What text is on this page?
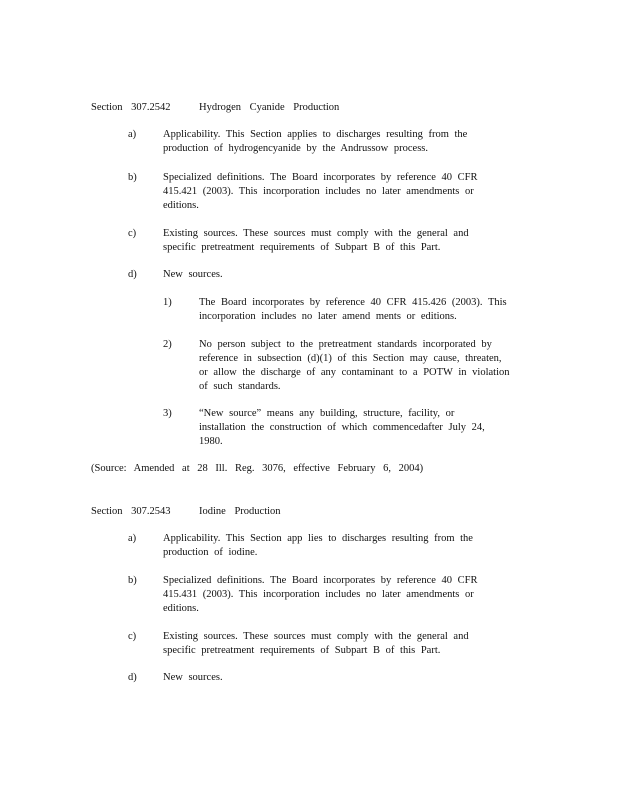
Section 307.2542	Hydrogen Cyanide Production
a)	Applicability. This Section applies to discharges resulting from the
production of hydrogencyanide by the Andrussow process.
b)	Specialized definitions. The Board incorporates by reference 40 CFR
415.421 (2003). This incorporation includes no later amendments or
editions.
c)	Existing sources. These sources must comply with the general and
specific pretreatment requirements of Subpart B of this Part.
d)	New sources.
1)	The Board incorporates by reference 40 CFR 415.426 (2003). This
incorporation includes no later amend ments or editions.
2)	No person subject to the pretreatment standards incorporated by
reference in subsection (d)(1) of this Section may cause, threaten,
or allow the discharge of any contaminant to a POTW in violation
of such standards.
3)	“New source” means any building, structure, facility, or
installation the construction of which commencedafter July 24,
1980.
(Source: Amended at 28 Ill. Reg. 3076, effective February 6, 2004)
Section 307.2543	Iodine Production
a)	Applicability. This Section app lies to discharges resulting from the
production of iodine.
b)	Specialized definitions. The Board incorporates by reference 40 CFR
415.431 (2003). This incorporation includes no later amendments or
editions.
c)	Existing sources. These sources must comply with the general and
specific pretreatment requirements of Subpart B of this Part.
d)	New sources.
